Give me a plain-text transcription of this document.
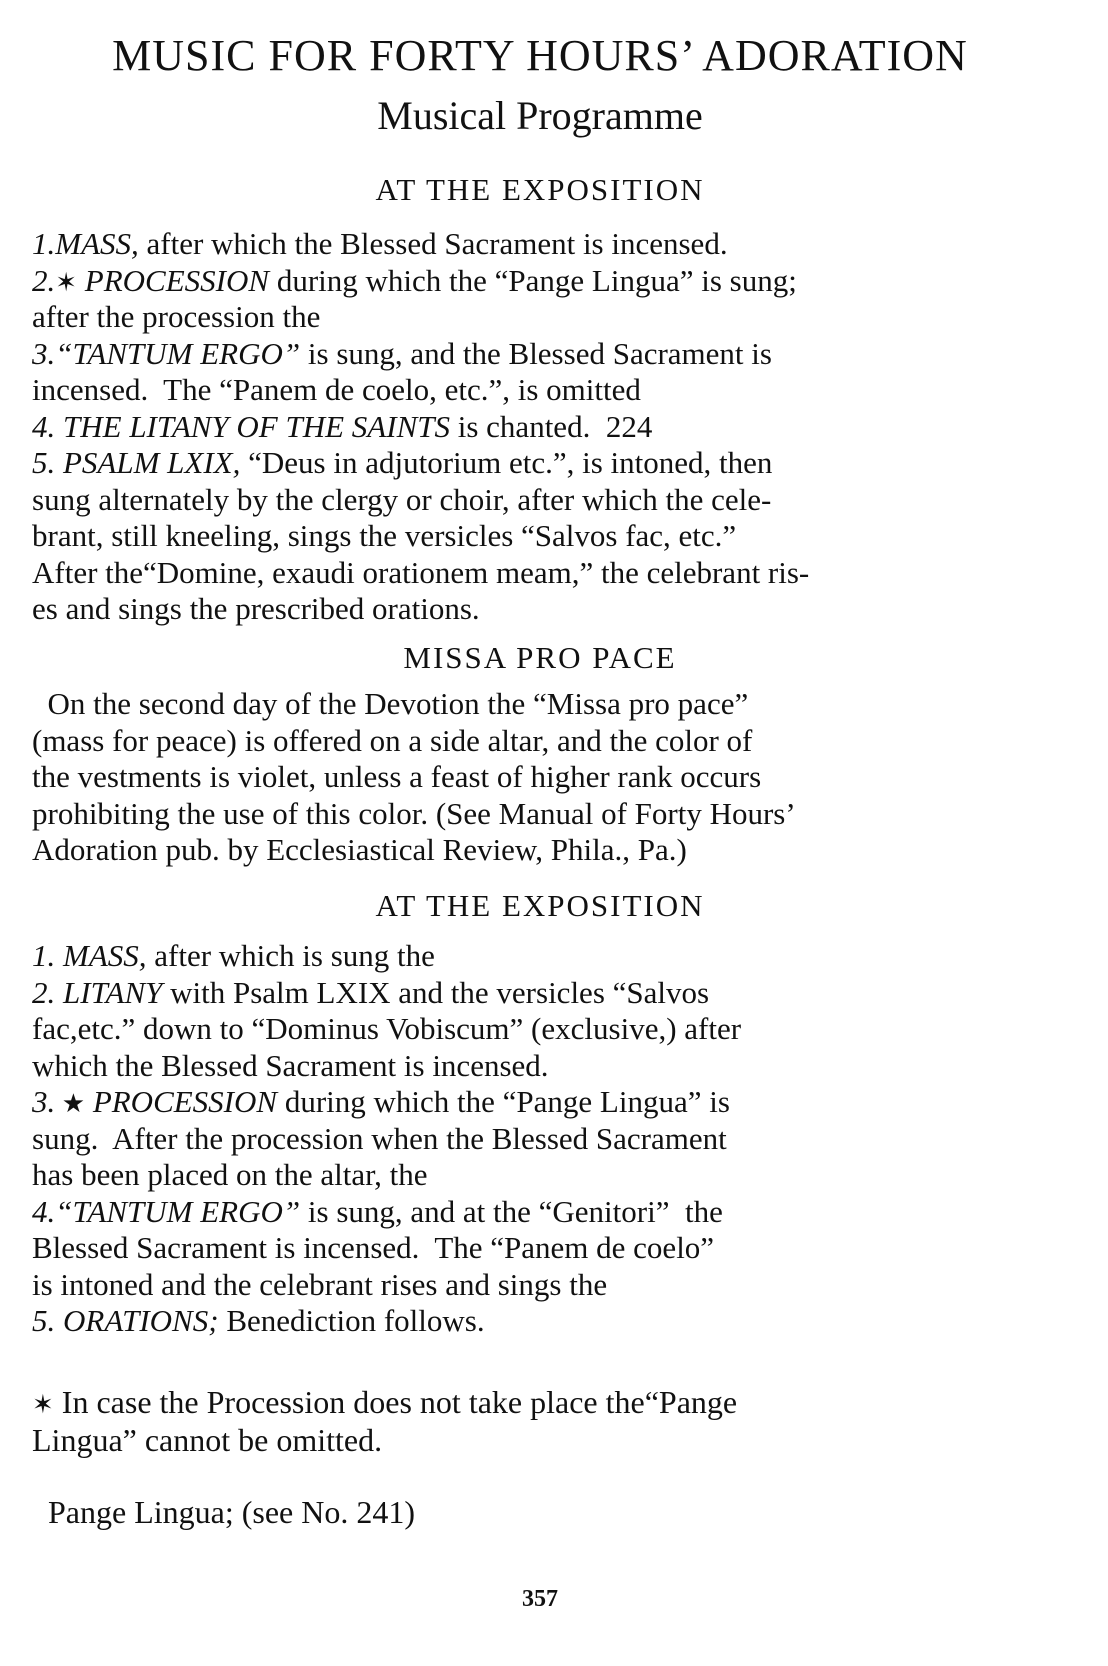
MUSIC FOR FORTY HOURS’ ADORATION
Musical Programme
AT THE EXPOSITION
1.MASS, after which the Blessed Sacrament is incensed.
2.✶ PROCESSION during which the “Pange Lingua” is sung;
after the procession the
3.“TANTUM ERGO” is sung, and the Blessed Sacrament is
incensed.  The “Panem de coelo, etc.”, is omitted
4. THE LITANY OF THE SAINTS is chanted.  224
5. PSALM LXIX, “Deus in adjutorium etc.”, is intoned, then
sung alternately by the clergy or choir, after which the cele-
brant, still kneeling, sings the versicles “Salvos fac, etc.”
After the“Domine, exaudi orationem meam,” the celebrant ris-
es and sings the prescribed orations.
MISSA PRO PACE
On the second day of the Devotion the “Missa pro pace”
(mass for peace) is offered on a side altar, and the color of
the vestments is violet, unless a feast of higher rank occurs
prohibiting the use of this color. (See Manual of Forty Hours’
Adoration pub. by Ecclesiastical Review, Phila., Pa.)
AT THE EXPOSITION
1. MASS, after which is sung the
2. LITANY with Psalm LXIX and the versicles “Salvos
fac,etc.” down to “Dominus Vobiscum” (exclusive,) after
which the Blessed Sacrament is incensed.
3. ★ PROCESSION during which the “Pange Lingua” is
sung.  After the procession when the Blessed Sacrament
has been placed on the altar, the
4.“TANTUM ERGO” is sung, and at the “Genitori”  the
Blessed Sacrament is incensed.  The “Panem de coelo”
is intoned and the celebrant rises and sings the
5. ORATIONS; Benediction follows.
✶ In case the Procession does not take place the“Pange
Lingua” cannot be omitted.
Pange Lingua; (see No. 241)
357
